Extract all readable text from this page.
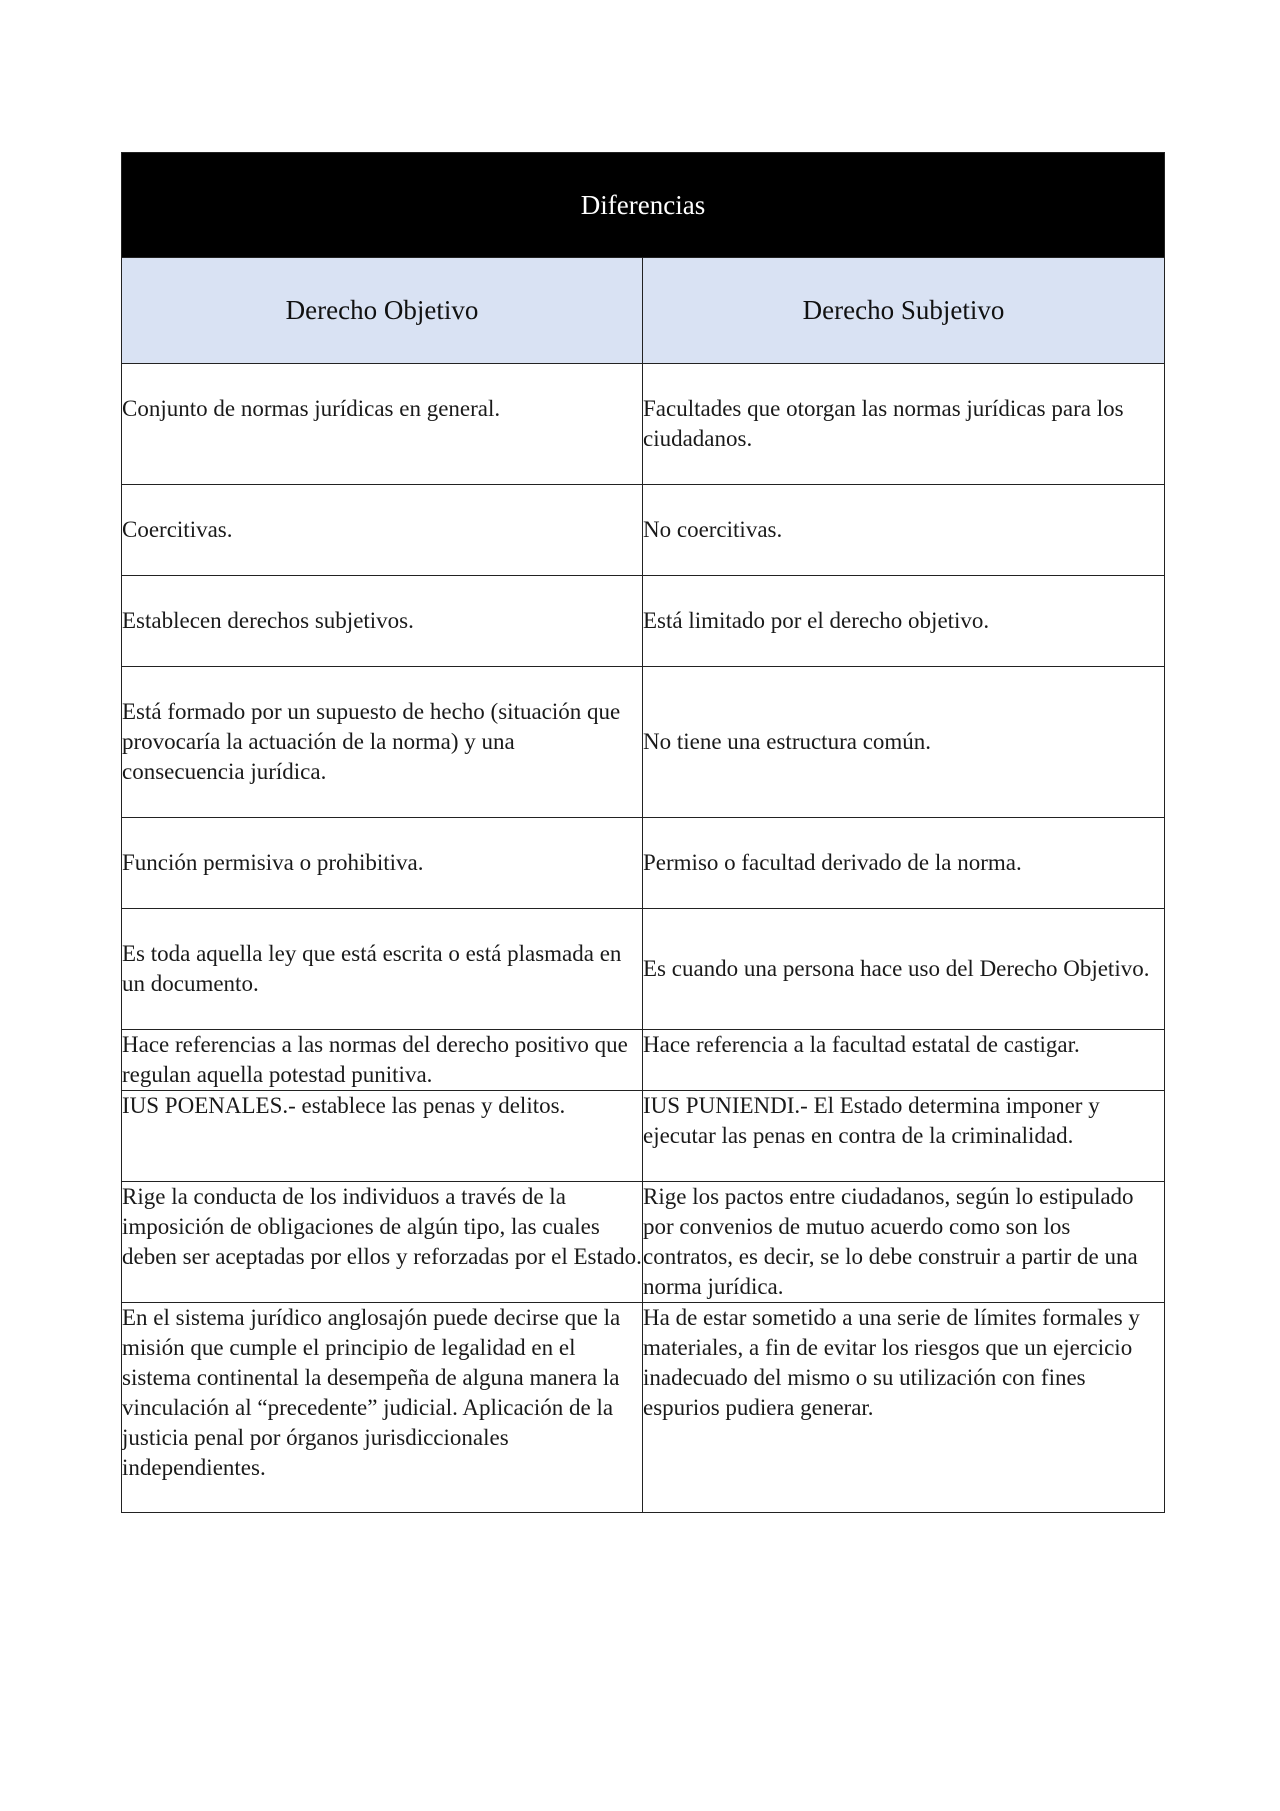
Diferencias	
Derecho Objetivo	Derecho Subjetivo
Conjunto de normas jurídicas en general.	Facultades que otorgan las normas jurídicas para los ciudadanos.
Coercitivas.	No coercitivas.
Establecen derechos subjetivos.	Está limitado por el derecho objetivo.
Está formado por un supuesto de hecho (situación que provocaría la actuación de la norma) y una consecuencia jurídica.	No tiene una estructura común.
Función permisiva o prohibitiva.	Permiso o facultad derivado de la norma.
Es toda aquella ley que está escrita o está plasmada en un documento.	Es cuando una persona hace uso del Derecho Objetivo.
Hace referencias a las normas del derecho positivo que regulan aquella potestad punitiva.	Hace referencia a la facultad estatal de castigar.
IUS POENALES.- establece las penas y delitos.	IUS PUNIENDI.- El Estado determina imponer y ejecutar las penas en contra de la criminalidad.
Rige la conducta de los individuos a través de la imposición de obligaciones de algún tipo, las cuales deben ser aceptadas por ellos y reforzadas por el Estado.	Rige los pactos entre ciudadanos, según lo estipulado por convenios de mutuo acuerdo como son los contratos, es decir, se lo debe construir a partir de una norma jurídica.
En el sistema jurídico anglosajón puede decirse que la misión que cumple el principio de legalidad en el sistema continental la desempeña de alguna manera la vinculación al “precedente” judicial. Aplicación de la justicia penal por órganos jurisdiccionales independientes.	Ha de estar sometido a una serie de límites formales y materiales, a fin de evitar los riesgos que un ejercicio inadecuado del mismo o su utilización con fines espurios pudiera generar.
